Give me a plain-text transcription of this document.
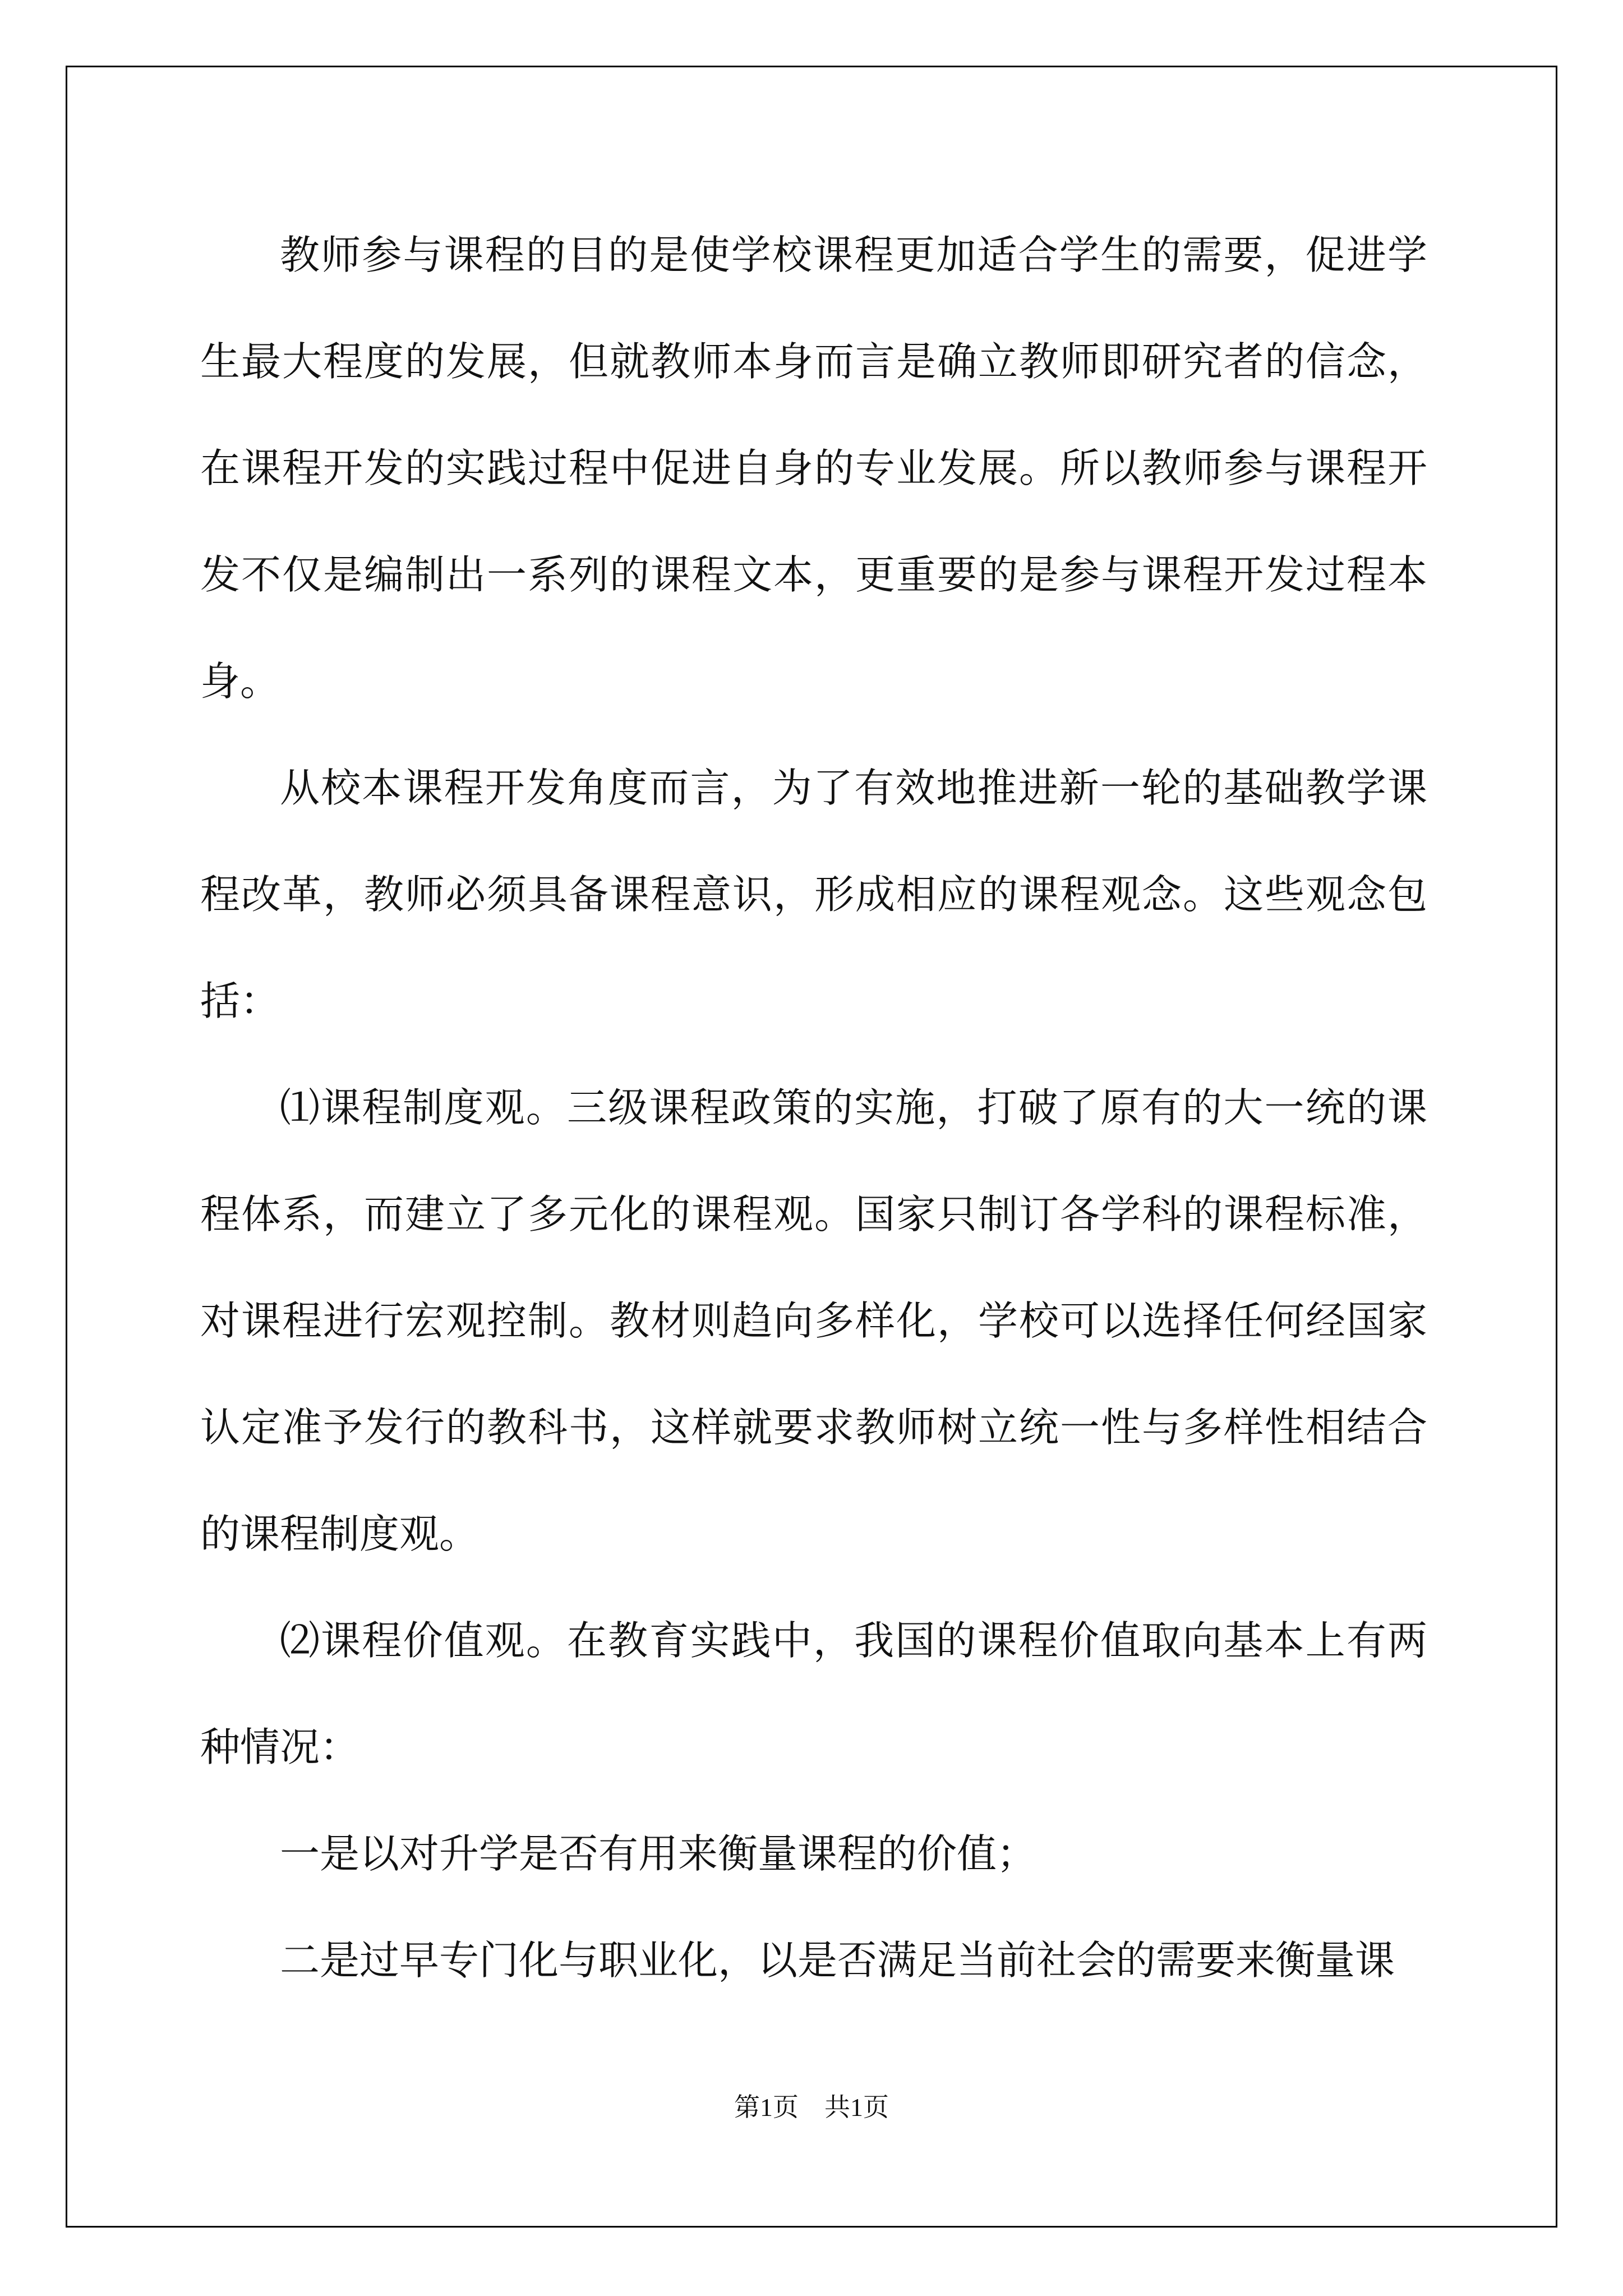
教师参与课程的目的是使学校课程更加适合学生的需要，促进学生最大程度的发展，但就教师本身而言是确立教师即研究者的信念，在课程开发的实践过程中促进自身的专业发展。所以教师参与课程开发不仅是编制出一系列的课程文本，更重要的是参与课程开发过程本身。

从校本课程开发角度而言，为了有效地推进新一轮的基础教学课程改革，教师必须具备课程意识，形成相应的课程观念。这些观念包括：

⑴课程制度观。三级课程政策的实施，打破了原有的大一统的课程体系，而建立了多元化的课程观。国家只制订各学科的课程标准，对课程进行宏观控制。教材则趋向多样化，学校可以选择任何经国家认定准予发行的教科书，这样就要求教师树立统一性与多样性相结合的课程制度观。

⑵课程价值观。在教育实践中，我国的课程价值取向基本上有两种情况：

一是以对升学是否有用来衡量课程的价值；

二是过早专门化与职业化，以是否满足当前社会的需要来衡量课

第1页　共1页
